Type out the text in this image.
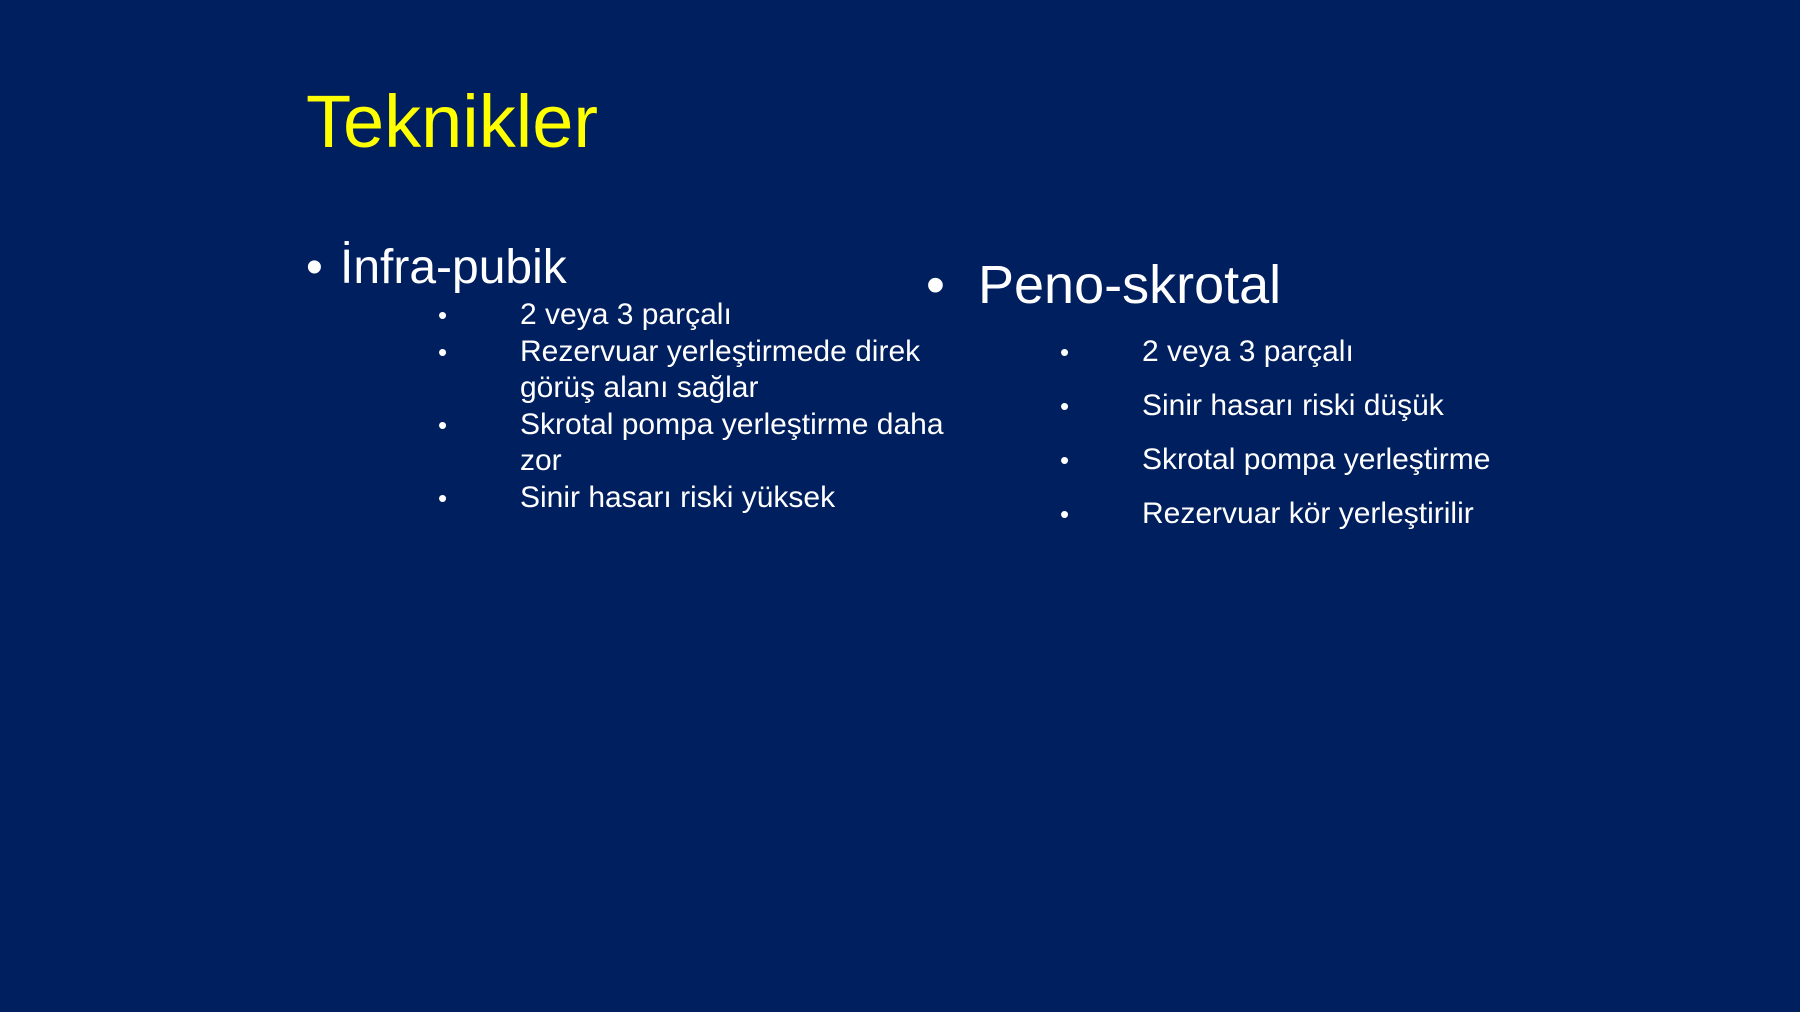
Teknikler
• İnfra-pubik
• 2 veya 3 parçalı
• Rezervuar yerleştirmede direk görüş alanı sağlar
• Skrotal pompa yerleştirme daha zor
• Sinir hasarı riski yüksek
• Peno-skrotal
• 2 veya 3 parçalı
• Sinir hasarı riski düşük
• Skrotal pompa yerleştirme
• Rezervuar kör yerleştirilir
